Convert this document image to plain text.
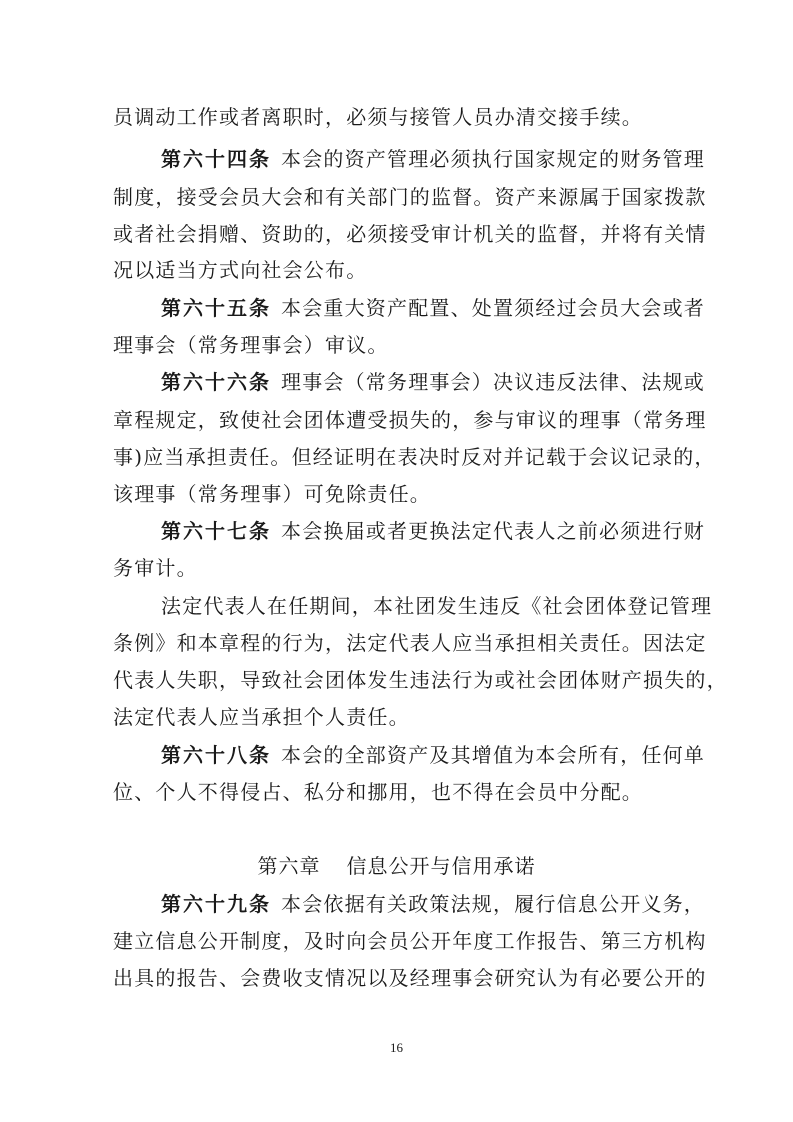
员调动工作或者离职时，必须与接管人员办清交接手续。
第六十四条 本会的资产管理必须执行国家规定的财务管理
制度，接受会员大会和有关部门的监督。资产来源属于国家拨款
或者社会捐赠、资助的，必须接受审计机关的监督，并将有关情
况以适当方式向社会公布。
第六十五条 本会重大资产配置、处置须经过会员大会或者
理事会（常务理事会）审议。
第六十六条 理事会（常务理事会）决议违反法律、法规或
章程规定，致使社会团体遭受损失的，参与审议的理事（常务理
事)应当承担责任。但经证明在表决时反对并记载于会议记录的，
该理事（常务理事）可免除责任。
第六十七条 本会换届或者更换法定代表人之前必须进行财
务审计。
法定代表人在任期间，本社团发生违反《社会团体登记管理
条例》和本章程的行为，法定代表人应当承担相关责任。因法定
代表人失职，导致社会团体发生违法行为或社会团体财产损失的，
法定代表人应当承担个人责任。
第六十八条 本会的全部资产及其增值为本会所有，任何单
位、个人不得侵占、私分和挪用，也不得在会员中分配。
第六章 信息公开与信用承诺
第六十九条 本会依据有关政策法规，履行信息公开义务，
建立信息公开制度，及时向会员公开年度工作报告、第三方机构
出具的报告、会费收支情况以及经理事会研究认为有必要公开的
16
